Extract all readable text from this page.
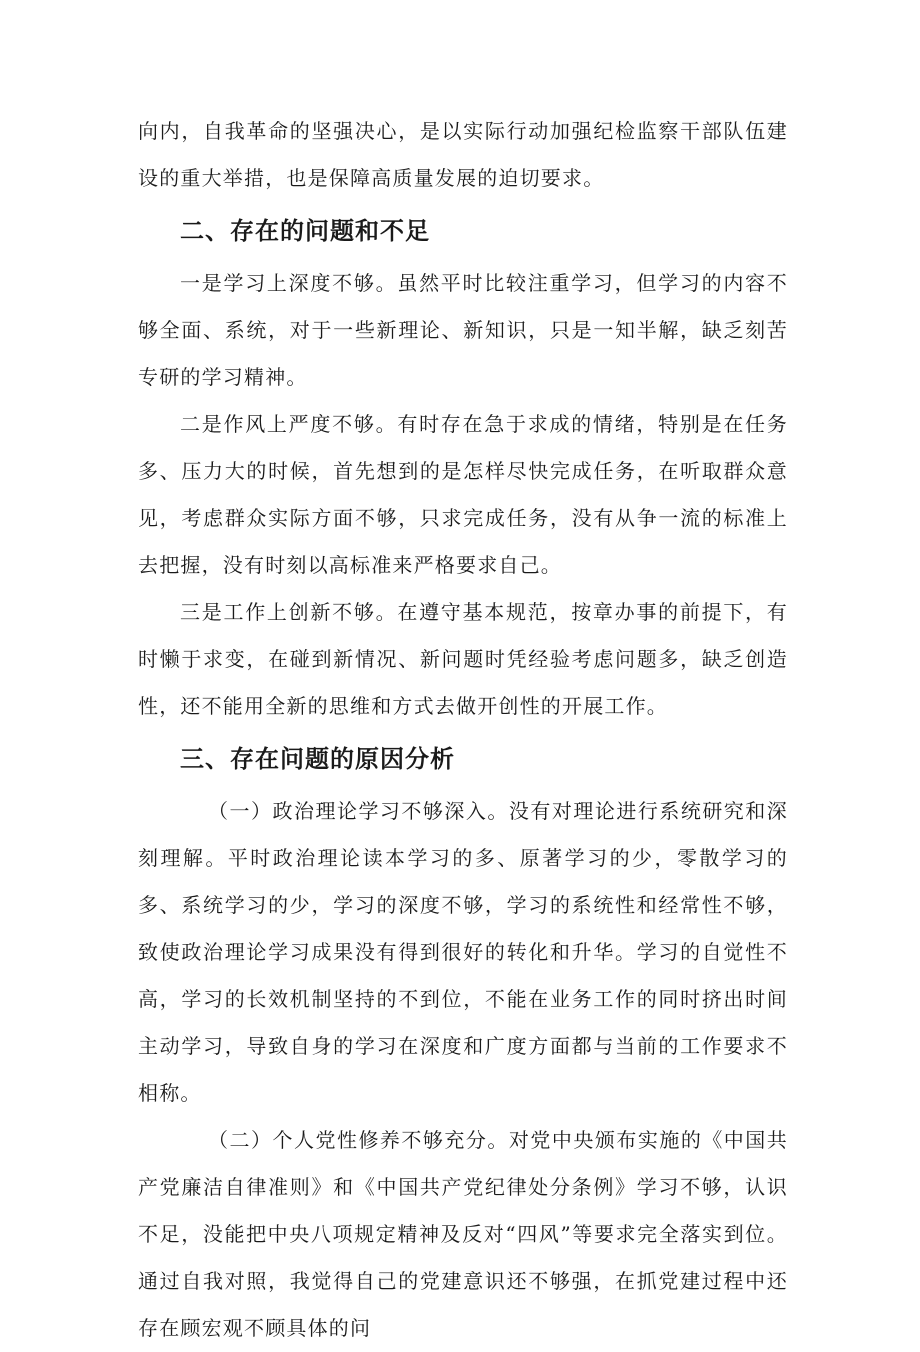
向内，自我革命的坚强决心，是以实际行动加强纪检监察干部队伍建设的重大举措，也是保障高质量发展的迫切要求。

二、存在的问题和不足

一是学习上深度不够。虽然平时比较注重学习，但学习的内容不够全面、系统，对于一些新理论、新知识，只是一知半解，缺乏刻苦专研的学习精神。

二是作风上严度不够。有时存在急于求成的情绪，特别是在任务多、压力大的时候，首先想到的是怎样尽快完成任务，在听取群众意见，考虑群众实际方面不够，只求完成任务，没有从争一流的标准上去把握，没有时刻以高标准来严格要求自己。

三是工作上创新不够。在遵守基本规范，按章办事的前提下，有时懒于求变，在碰到新情况、新问题时凭经验考虑问题多，缺乏创造性，还不能用全新的思维和方式去做开创性的开展工作。

三、存在问题的原因分析

（一）政治理论学习不够深入。没有对理论进行系统研究和深刻理解。平时政治理论读本学习的多、原著学习的少，零散学习的多、系统学习的少，学习的深度不够，学习的系统性和经常性不够，致使政治理论学习成果没有得到很好的转化和升华。学习的自觉性不高，学习的长效机制坚持的不到位，不能在业务工作的同时挤出时间主动学习，导致自身的学习在深度和广度方面都与当前的工作要求不相称。

（二）个人党性修养不够充分。对党中央颁布实施的《中国共产党廉洁自律准则》和《中国共产党纪律处分条例》学习不够，认识不足，没能把中央八项规定精神及反对“四风”等要求完全落实到位。通过自我对照，我觉得自己的党建意识还不够强，在抓党建过程中还存在顾宏观不顾具体的问
